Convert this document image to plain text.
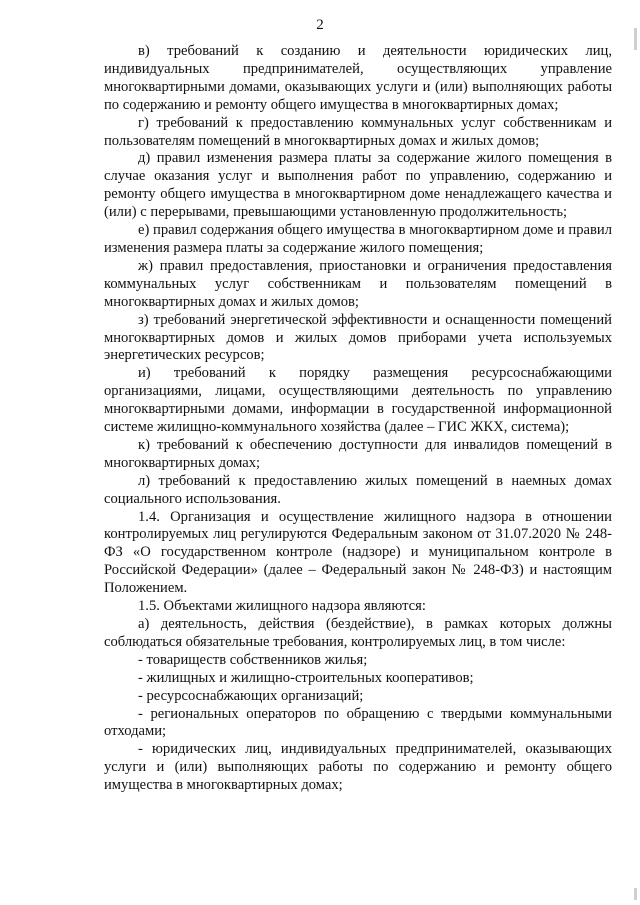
2

в) требований к созданию и деятельности юридических лиц, индивидуальных предпринимателей, осуществляющих управление многоквартирными домами, оказывающих услуги и (или) выполняющих работы по содержанию и ремонту общего имущества в многоквартирных домах;

г) требований к предоставлению коммунальных услуг собственникам и пользователям помещений в многоквартирных домах и жилых домов;

д) правил изменения размера платы за содержание жилого помещения в случае оказания услуг и выполнения работ по управлению, содержанию и ремонту общего имущества в многоквартирном доме ненадлежащего качества и (или) с перерывами, превышающими установленную продолжительность;

е) правил содержания общего имущества в многоквартирном доме и правил изменения размера платы за содержание жилого помещения;

ж) правил предоставления, приостановки и ограничения предоставления коммунальных услуг собственникам и пользователям помещений в многоквартирных домах и жилых домов;

з) требований энергетической эффективности и оснащенности помещений многоквартирных домов и жилых домов приборами учета используемых энергетических ресурсов;

и) требований к порядку размещения ресурсоснабжающими организациями, лицами, осуществляющими деятельность по управлению многоквартирными домами, информации в государственной информационной системе жилищно-коммунального хозяйства (далее – ГИС ЖКХ, система);

к) требований к обеспечению доступности для инвалидов помещений в многоквартирных домах;

л) требований к предоставлению жилых помещений в наемных домах социального использования.

1.4. Организация и осуществление жилищного надзора в отношении контролируемых лиц регулируются Федеральным законом от 31.07.2020 № 248-ФЗ «О государственном контроле (надзоре) и муниципальном контроле в Российской Федерации» (далее – Федеральный закон № 248-ФЗ) и настоящим Положением.

1.5. Объектами жилищного надзора являются:

а) деятельность, действия (бездействие), в рамках которых должны соблюдаться обязательные требования, контролируемых лиц, в том числе:

- товариществ собственников жилья;

- жилищных и жилищно-строительных кооперативов;

- ресурсоснабжающих организаций;

- региональных операторов по обращению с твердыми коммунальными отходами;

- юридических лиц, индивидуальных предпринимателей, оказывающих услуги и (или) выполняющих работы по содержанию и ремонту общего имущества в многоквартирных домах;
